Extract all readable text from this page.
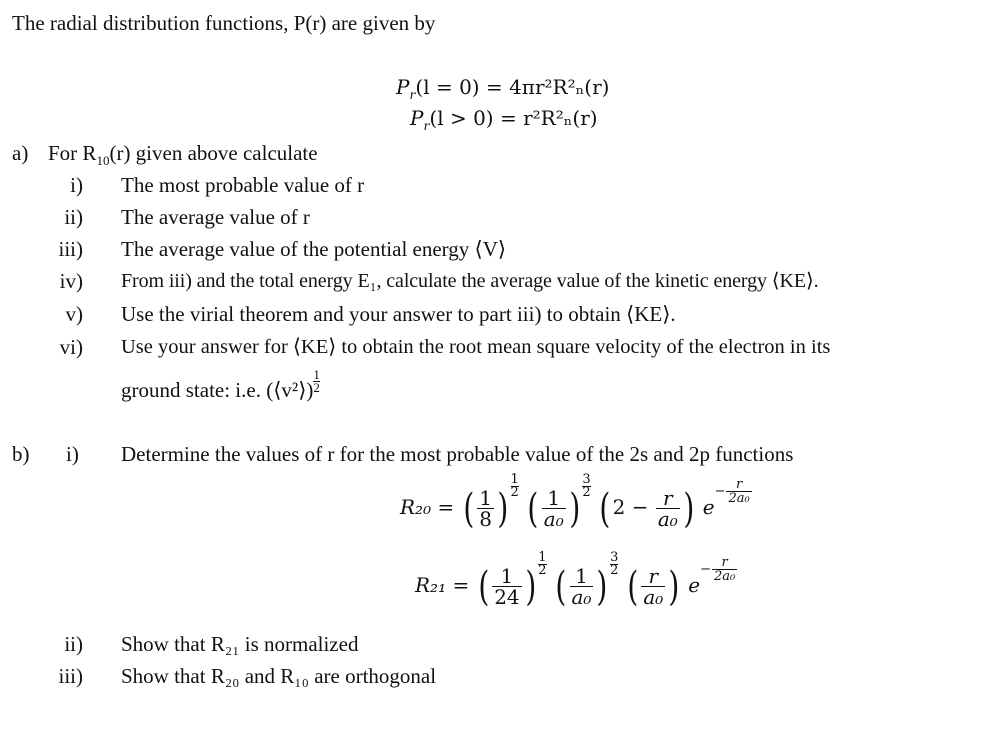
The radial distribution functions, P(r) are given by
$P_r(l = 0) = 4\pi r^2R^2_n(r)$
$P_r(l > 0) = r^2R^2_n(r)$
a) For $R_{10}(r)$ given above calculate
i) The most probable value of r
ii) The average value of r
iii) The average value of the potential energy ⟨V⟩
iv) From iii) and the total energy E₁, calculate the average value of the kinetic energy ⟨KE⟩.
v) Use the virial theorem and your answer to part iii) to obtain ⟨KE⟩.
vi) Use your answer for ⟨KE⟩ to obtain the root mean square velocity of the electron in its
ground state: i.e. (⟨v²⟩) $\frac{1}{2}$
b) i) Determine the values of r for the most probable value of the 2s and 2p functions
R₂₀ = ( $\frac{1}{8}$ ) $\frac{1}{2}$ ( $\frac{1}{\text{a₀}}$ ) $\frac{3}{2}$ ( $2 - \frac{r}{\text{a₀}}$ ) $e- \frac{r}{\text{2a₀}}$
R₂₁ = ( $\frac{1}{24}$ ) $\frac{1}{2}$ ( $\frac{1}{\text{a₀}}$ ) $\frac{3}{2}$ ( $\frac{r}{\text{a₀}}$ ) $e- \frac{r}{\text{2a₀}}$
ii) Show that R₂₁ is normalized
iii) Show that R₂₀ and R₁₀ are orthogonal
